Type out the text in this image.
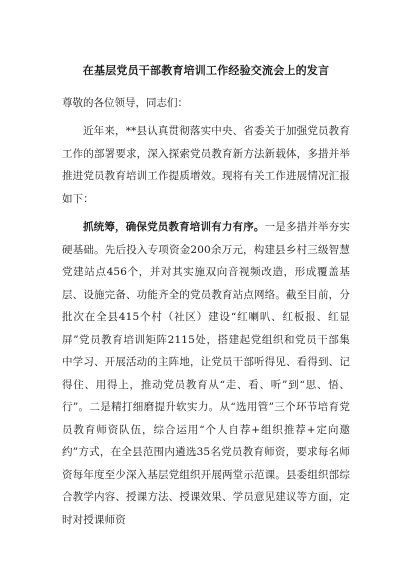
在基层党员干部教育培训工作经验交流会上的发言
尊敬的各位领导，同志们：
近年来，**县认真贯彻落实中央、省委关于加强党员教育工作的部署要求，深入探索党员教育新方法新载体，多措并举推进党员教育培训工作提质增效。现将有关工作进展情况汇报如下：
抓统筹，确保党员教育培训有力有序。一是多措并举夯实硬基础。先后投入专项资金200余万元，构建县乡村三级智慧党建站点456个，并对其实施双向音视频改造，形成覆盖基层、设施完备、功能齐全的党员教育站点网络。截至目前，分批次在全县415个村（社区）建设“红喇叭、红板报、红显屏”党员教育培训矩阵2115处，搭建起党组织和党员干部集中学习、开展活动的主阵地，让党员干部听得见、看得到、记得住、用得上，推动党员教育从“走、看、听”到“思、悟、行”。二是精打细磨提升软实力。从“选用管”三个环节培育党员教育师资队伍，综合运用“个人自荐+组织推荐+定向邀约”方式，在全县范围内遴选35名党员教育师资，要求每名师资每年度至少深入基层党组织开展两堂示范课。县委组织部综合教学内容、授课方法、授课效果、学员意见建议等方面，定时对授课师资
